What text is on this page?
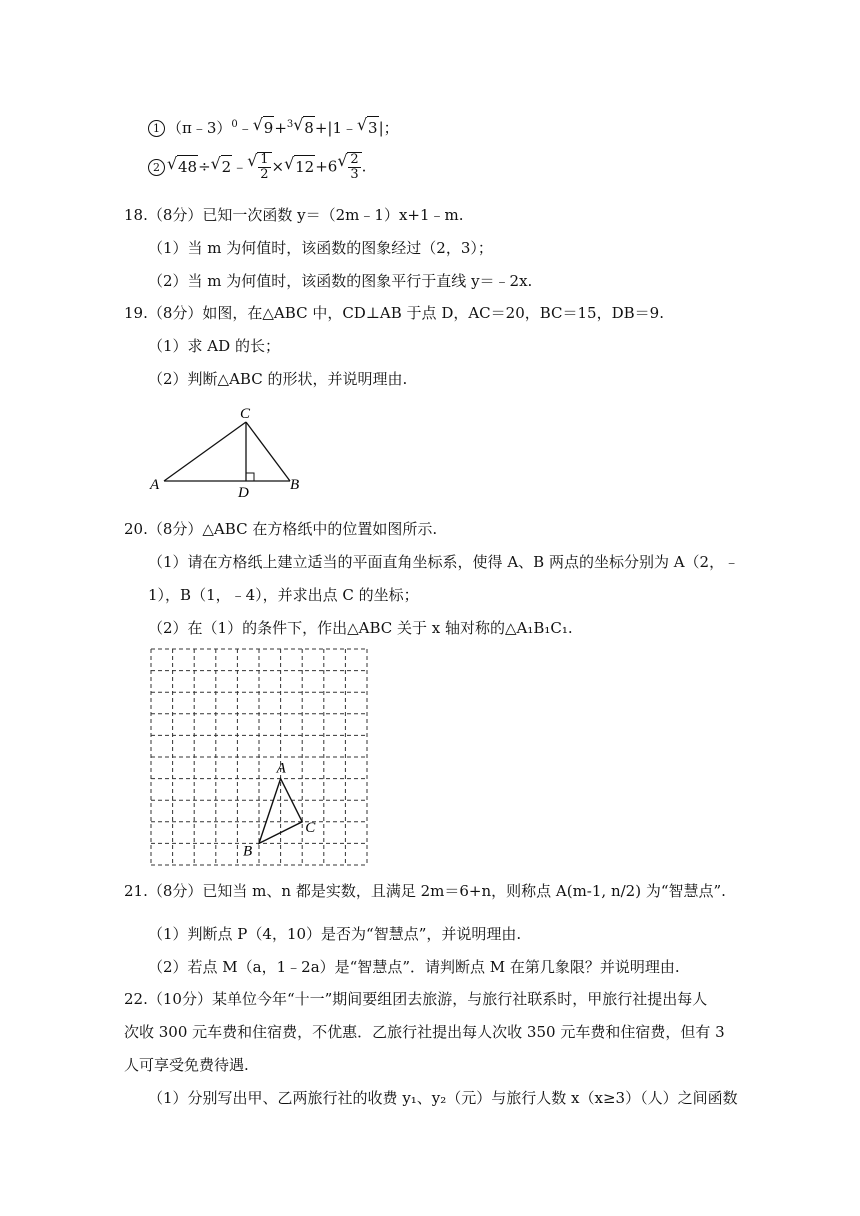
1 （π﹣3）$^0$﹣ √ 9+$^3$ √ 8+|1﹣ √ 3|；
2 √ 48÷ √ 2﹣ √ $\frac{1}{2}$ × √ 12+6 √ $\frac{2}{3}$ .
18.（8分）已知一次函数 y＝（2m﹣1）x+1﹣m.
（1）当 m 为何值时，该函数的图象经过（2，3）；
（2）当 m 为何值时，该函数的图象平行于直线 y＝﹣2x.
19.（8分）如图，在△ABC 中，CD⊥AB 于点 D，AC＝20，BC＝15，DB＝9.
（1）求 AD 的长；
（2）判断△ABC 的形状，并说明理由.
A	B
C
D
20.（8分）△ABC 在方格纸中的位置如图所示.
（1）请在方格纸上建立适当的平面直角坐标系，使得 A、B 两点的坐标分别为 A（2，﹣
1），B（1，﹣4），并求出点 C 的坐标；
（2）在（1）的条件下，作出△ABC 关于 x 轴对称的△A₁B₁C₁.
A
B
C
21.（8分）已知当 m、n 都是实数，且满足 2m＝6+n，则称点 A(m-1, n/2) 为“智慧点”.
（1）判断点 P（4，10）是否为“智慧点”，并说明理由.
（2）若点 M（a，1﹣2a）是“智慧点”．请判断点 M 在第几象限？并说明理由.
22.（10分）某单位今年“十一”期间要组团去旅游，与旅行社联系时，甲旅行社提出每人
次收 300 元车费和住宿费，不优惠．乙旅行社提出每人次收 350 元车费和住宿费，但有 3
人可享受免费待遇.
（1）分别写出甲、乙两旅行社的收费 y₁、y₂（元）与旅行人数 x（x≥3）（人）之间函数
